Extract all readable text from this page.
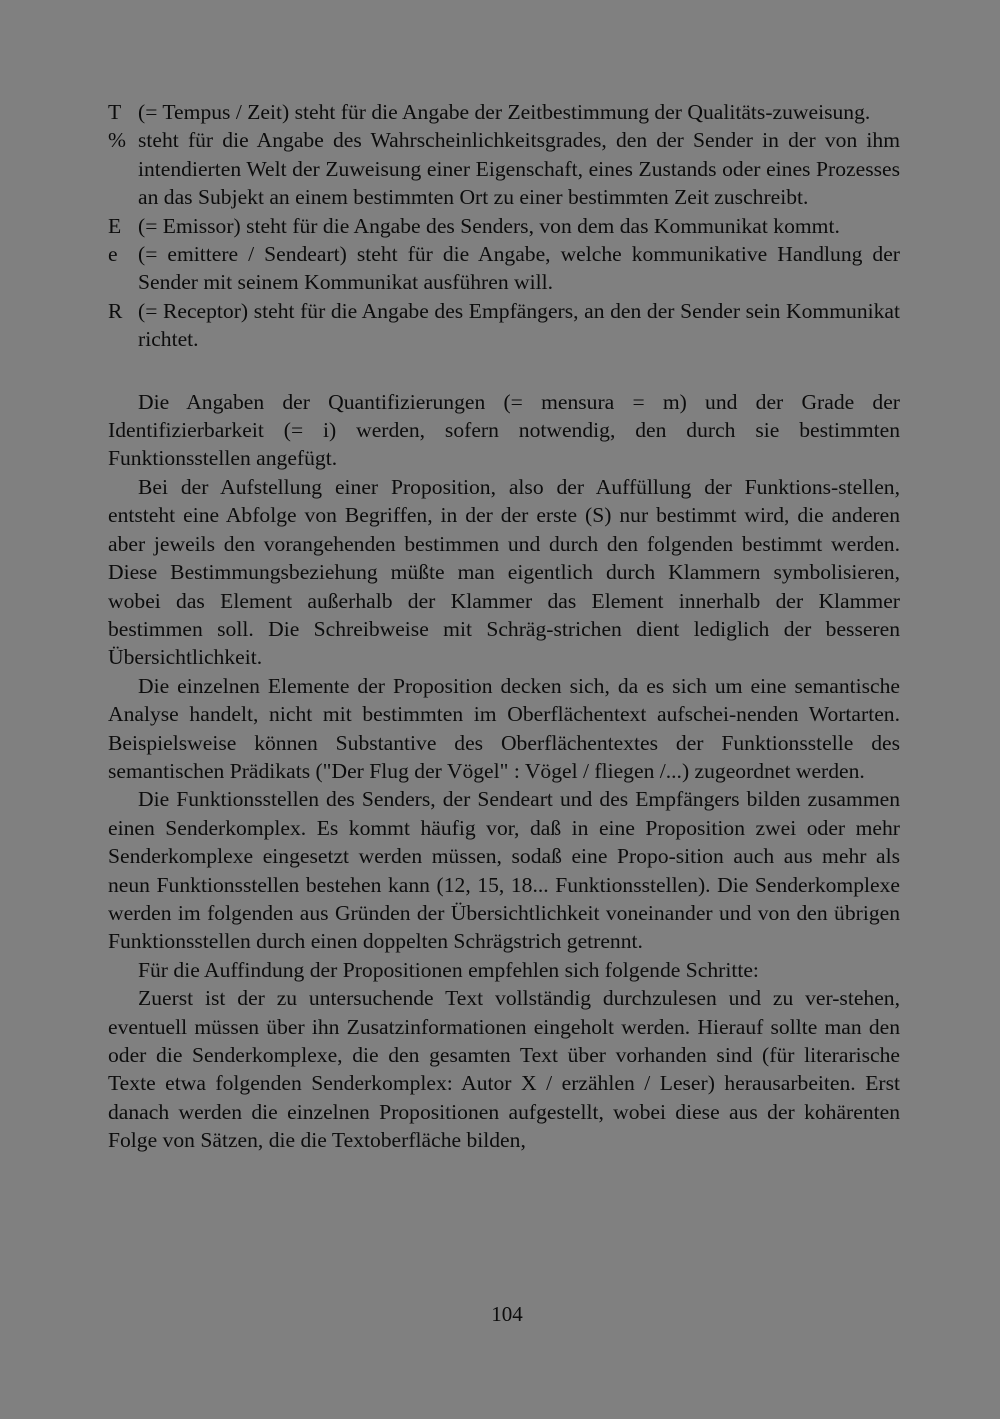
T (= Tempus / Zeit) steht für die Angabe der Zeitbestimmung der Qualitäts-zuweisung.
% steht für die Angabe des Wahrscheinlichkeitsgrades, den der Sender in der von ihm intendierten Welt der Zuweisung einer Eigenschaft, eines Zustands oder eines Prozesses an das Subjekt an einem bestimmten Ort zu einer bestimmten Zeit zuschreibt.
E (= Emissor) steht für die Angabe des Senders, von dem das Kommunikat kommt.
e (= emittere / Sendeart) steht für die Angabe, welche kommunikative Handlung der Sender mit seinem Kommunikat ausführen will.
R (= Receptor) steht für die Angabe des Empfängers, an den der Sender sein Kommunikat richtet.

Die Angaben der Quantifizierungen (= mensura = m) und der Grade der Identifizierbarkeit (= i) werden, sofern notwendig, den durch sie bestimmten Funktionsstellen angefügt.

Bei der Aufstellung einer Proposition, also der Auffüllung der Funktions-stellen, entsteht eine Abfolge von Begriffen, in der der erste (S) nur bestimmt wird, die anderen aber jeweils den vorangehenden bestimmen und durch den folgenden bestimmt werden. Diese Bestimmungsbeziehung müßte man eigentlich durch Klammern symbolisieren, wobei das Element außerhalb der Klammer das Element innerhalb der Klammer bestimmen soll. Die Schreibweise mit Schräg-strichen dient lediglich der besseren Übersichtlichkeit.

Die einzelnen Elemente der Proposition decken sich, da es sich um eine semantische Analyse handelt, nicht mit bestimmten im Oberflächentext aufschei-nenden Wortarten. Beispielsweise können Substantive des Oberflächentextes der Funktionsstelle des semantischen Prädikats ("Der Flug der Vögel" : Vögel / fliegen /...) zugeordnet werden.

Die Funktionsstellen des Senders, der Sendeart und des Empfängers bilden zusammen einen Senderkomplex. Es kommt häufig vor, daß in eine Proposition zwei oder mehr Senderkomplexe eingesetzt werden müssen, sodaß eine Propo-sition auch aus mehr als neun Funktionsstellen bestehen kann (12, 15, 18... Funktionsstellen). Die Senderkomplexe werden im folgenden aus Gründen der Übersichtlichkeit voneinander und von den übrigen Funktionsstellen durch einen doppelten Schrägstrich getrennt.

Für die Auffindung der Propositionen empfehlen sich folgende Schritte:

Zuerst ist der zu untersuchende Text vollständig durchzulesen und zu ver-stehen, eventuell müssen über ihn Zusatzinformationen eingeholt werden. Hierauf sollte man den oder die Senderkomplexe, die den gesamten Text über vorhanden sind (für literarische Texte etwa folgenden Senderkomplex: Autor X / erzählen / Leser) herausarbeiten. Erst danach werden die einzelnen Propositionen aufgestellt, wobei diese aus der kohärenten Folge von Sätzen, die die Textoberfläche bilden,

104
